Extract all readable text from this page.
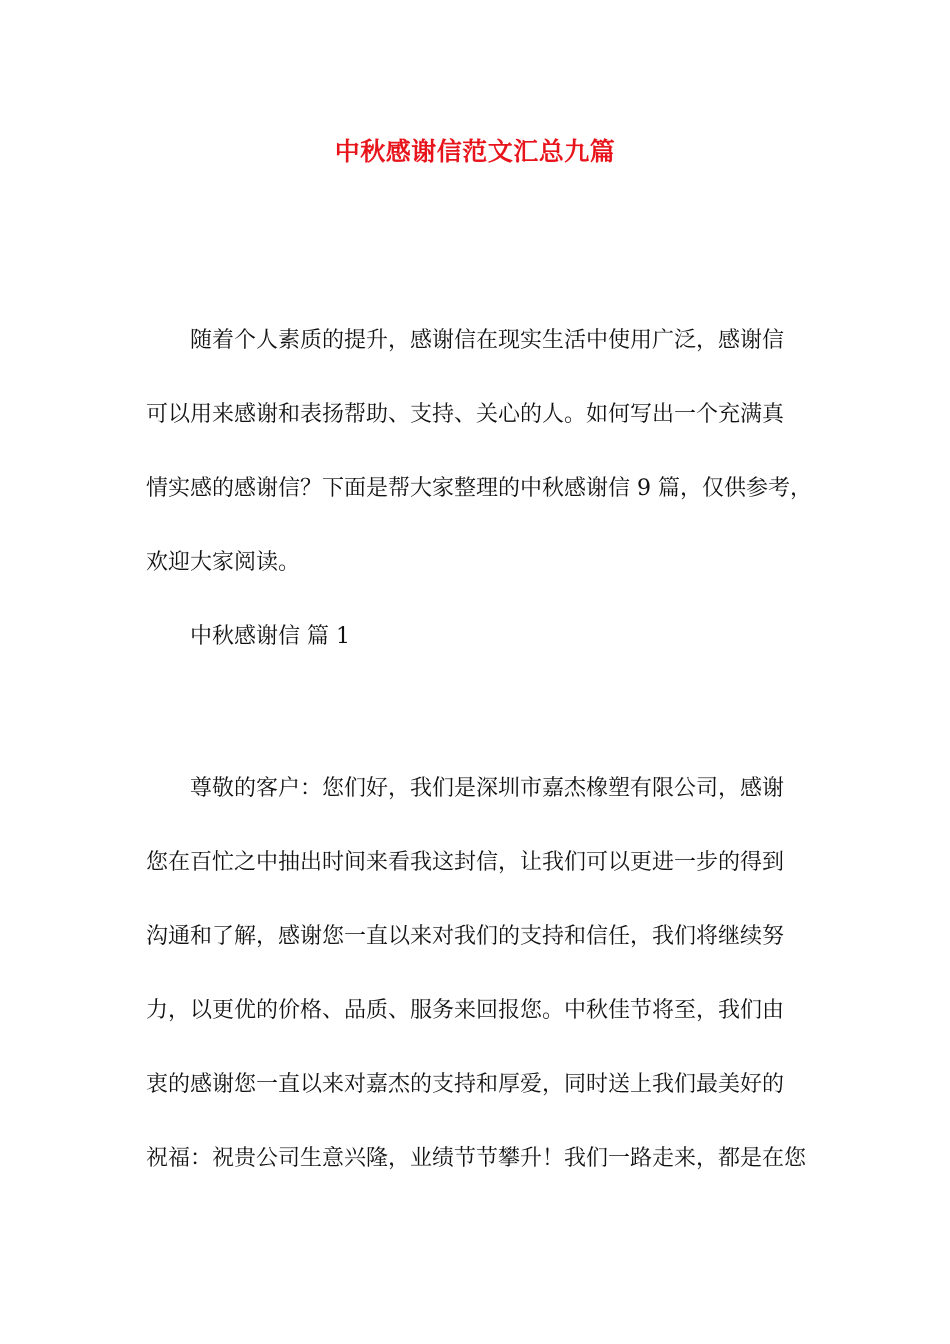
中秋感谢信范文汇总九篇
随着个人素质的提升，感谢信在现实生活中使用广泛，感谢信
可以用来感谢和表扬帮助、支持、关心的人。如何写出一个充满真
情实感的感谢信？下面是帮大家整理的中秋感谢信 9 篇，仅供参考，
欢迎大家阅读。
中秋感谢信 篇 1
尊敬的客户：您们好，我们是深圳市嘉杰橡塑有限公司，感谢
您在百忙之中抽出时间来看我这封信，让我们可以更进一步的得到
沟通和了解，感谢您一直以来对我们的支持和信任，我们将继续努
力，以更优的价格、品质、服务来回报您。中秋佳节将至，我们由
衷的感谢您一直以来对嘉杰的支持和厚爱，同时送上我们最美好的
祝福：祝贵公司生意兴隆，业绩节节攀升！我们一路走来，都是在您
